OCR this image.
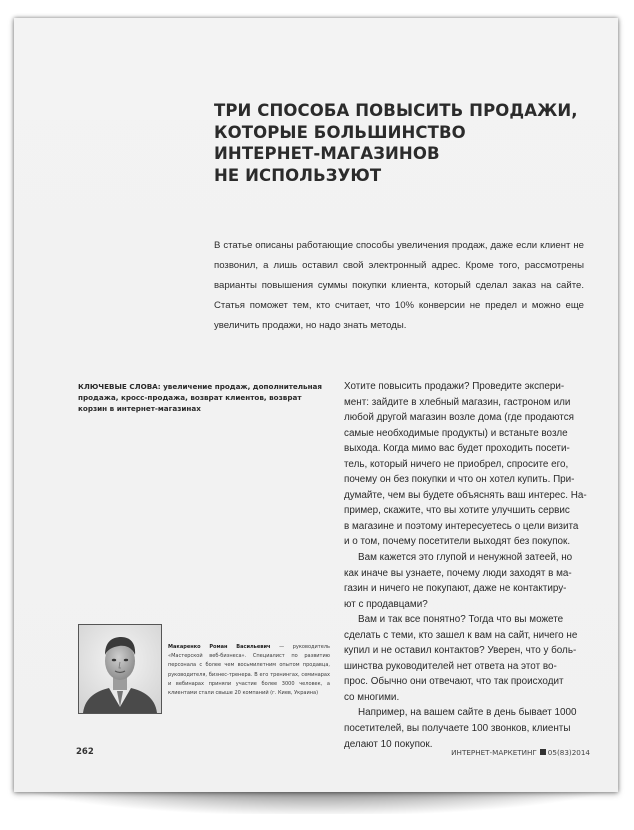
ТРИ СПОСОБА ПОВЫСИТЬ ПРОДАЖИ,
КОТОРЫЕ БОЛЬШИНСТВО
ИНТЕРНЕТ-МАГАЗИНОВ
НЕ ИСПОЛЬЗУЮТ
В статье описаны работающие способы увеличения продаж, даже если клиент не позвонил, а лишь оставил свой электронный адрес. Кроме того, рассмотрены варианты повышения суммы покупки клиента, который сделал заказ на сайте. Статья поможет тем, кто считает, что 10% конверсии не предел и можно еще увеличить продажи, но надо знать методы.
КЛЮЧЕВЫЕ СЛОВА: увеличение продаж, дополнительная продажа, кросс-продажа, возврат клиентов, возврат корзин в интернет-магазинах

Хотите повысить продажи? Проведите экспери-

мент: зайдите в хлебный магазин, гастроном или

любой другой магазин возле дома (где продаются

самые необходимые продукты) и встаньте возле

выхода. Когда мимо вас будет проходить посети-

тель, который ничего не приобрел, спросите его,

почему он без покупки и что он хотел купить. При-

думайте, чем вы будете объяснять ваш интерес. На-

пример, скажите, что вы хотите улучшить сервис

в магазине и поэтому интересуетесь о цели визита

и о том, почему посетители выходят без покупок.

Вам кажется это глупой и ненужной затеей, но

как иначе вы узнаете, почему люди заходят в ма-

газин и ничего не покупают, даже не контактиру-

ют с продавцами?

Вам и так все понятно? Тогда что вы можете

сделать с теми, кто зашел к вам на сайт, ничего не

купил и не оставил контактов? Уверен, что у боль-

шинства руководителей нет ответа на этот во-

прос. Обычно они отвечают, что так происходит

со многими.

Например, на вашем сайте в день бывает 1000

посетителей, вы получаете 100 звонков, клиенты

делают 10 покупок.

Макаренко Роман Васильевич — руководитель «Мастерской веб-бизнеса». Специалист по развитию персонала с более чем восьмилетним опытом продавца, руководителя, бизнес-тренера. В его тренингах, семинарах и вебинарах приняли участие более 3000 человек, а клиентами стали свыше 20 компаний (г. Киев, Украина)
262	ИНТЕРНЕТ-МАРКЕТИНГ 05(83)2014
